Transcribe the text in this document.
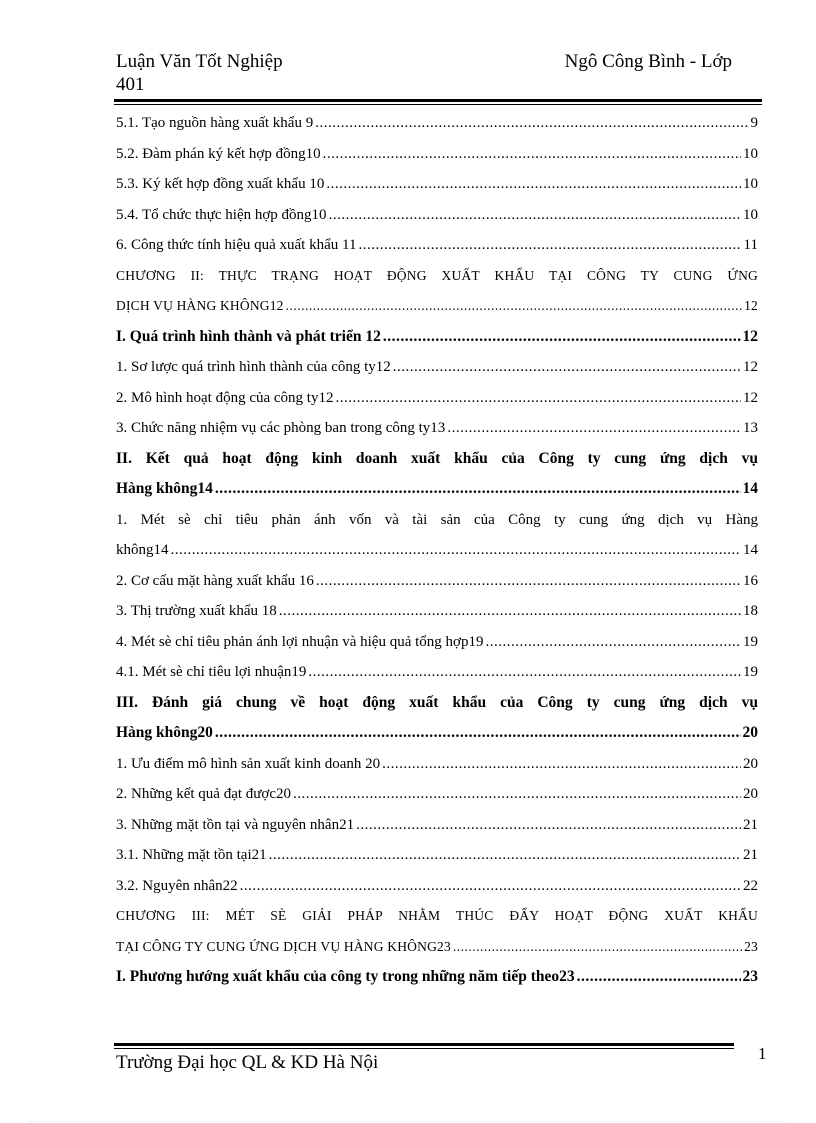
Luận Văn Tốt Nghiệp	Ngô Công Bình - Lớp
401
5.1. Tạo nguồn hàng xuất khẩu 9 .....	9
5.2. Đàm phán ký kết hợp đồng10 .....	10
5.3. Ký kết hợp đồng xuất khẩu 10 .....	10
5.4. Tổ chức thực hiện hợp đồng10 .....	10
6. Công thức tính hiệu quả xuất khẩu 11 .....	11
CHƯƠNG II: THỰC TRẠNG HOẠT ĐỘNG XUẤT KHẨU TẠI CÔNG TY CUNG ỨNG
DỊCH VỤ HÀNG KHÔNG12 .....	12
I. Quá trình hình thành và phát triển 12 .....	12
1. Sơ lược quá trình hình thành của công ty12 .....	12
2. Mô hình hoạt động của công ty12 .....	12
3. Chức năng nhiệm vụ các phòng ban trong công ty13 .....	13
II. Kết quả hoạt động kinh doanh xuất khẩu của Công ty cung ứng dịch vụ
Hàng không14 .....	14
1. Mét sè chỉ tiêu phản ánh vốn và tài sản của Công ty cung ứng dịch vụ Hàng
không14 .....	14
2. Cơ cấu mặt hàng xuất khẩu 16 .....	16
3. Thị trường xuất khẩu 18 .....	18
4. Mét sè chỉ tiêu phản ánh lợi nhuận và hiệu quả tổng hợp19 .....	19
4.1. Mét sè chỉ tiêu lợi nhuận19 .....	19
III. Đánh giá chung về hoạt động xuất khẩu của Công ty cung ứng dịch vụ
Hàng không20 .....	20
1. Ưu điểm mô hình sản xuất kinh doanh 20 .....	20
2. Những kết quả đạt được20 .....	20
3. Những mặt tồn tại và nguyên nhân21 .....	21
3.1. Những mặt tồn tại21 .....	21
3.2. Nguyên nhân22 .....	22
CHƯƠNG III: MÉT SÈ GIẢI PHÁP NHẰM THÚC ĐẨY HOẠT ĐỘNG XUẤT KHẨU
TẠI CÔNG TY CUNG ỨNG DỊCH VỤ HÀNG KHÔNG23 .....	23
I. Phương hướng xuất khẩu của công ty trong những năm tiếp theo23 .....	23
Trường Đại học QL & KD Hà Nội	1
